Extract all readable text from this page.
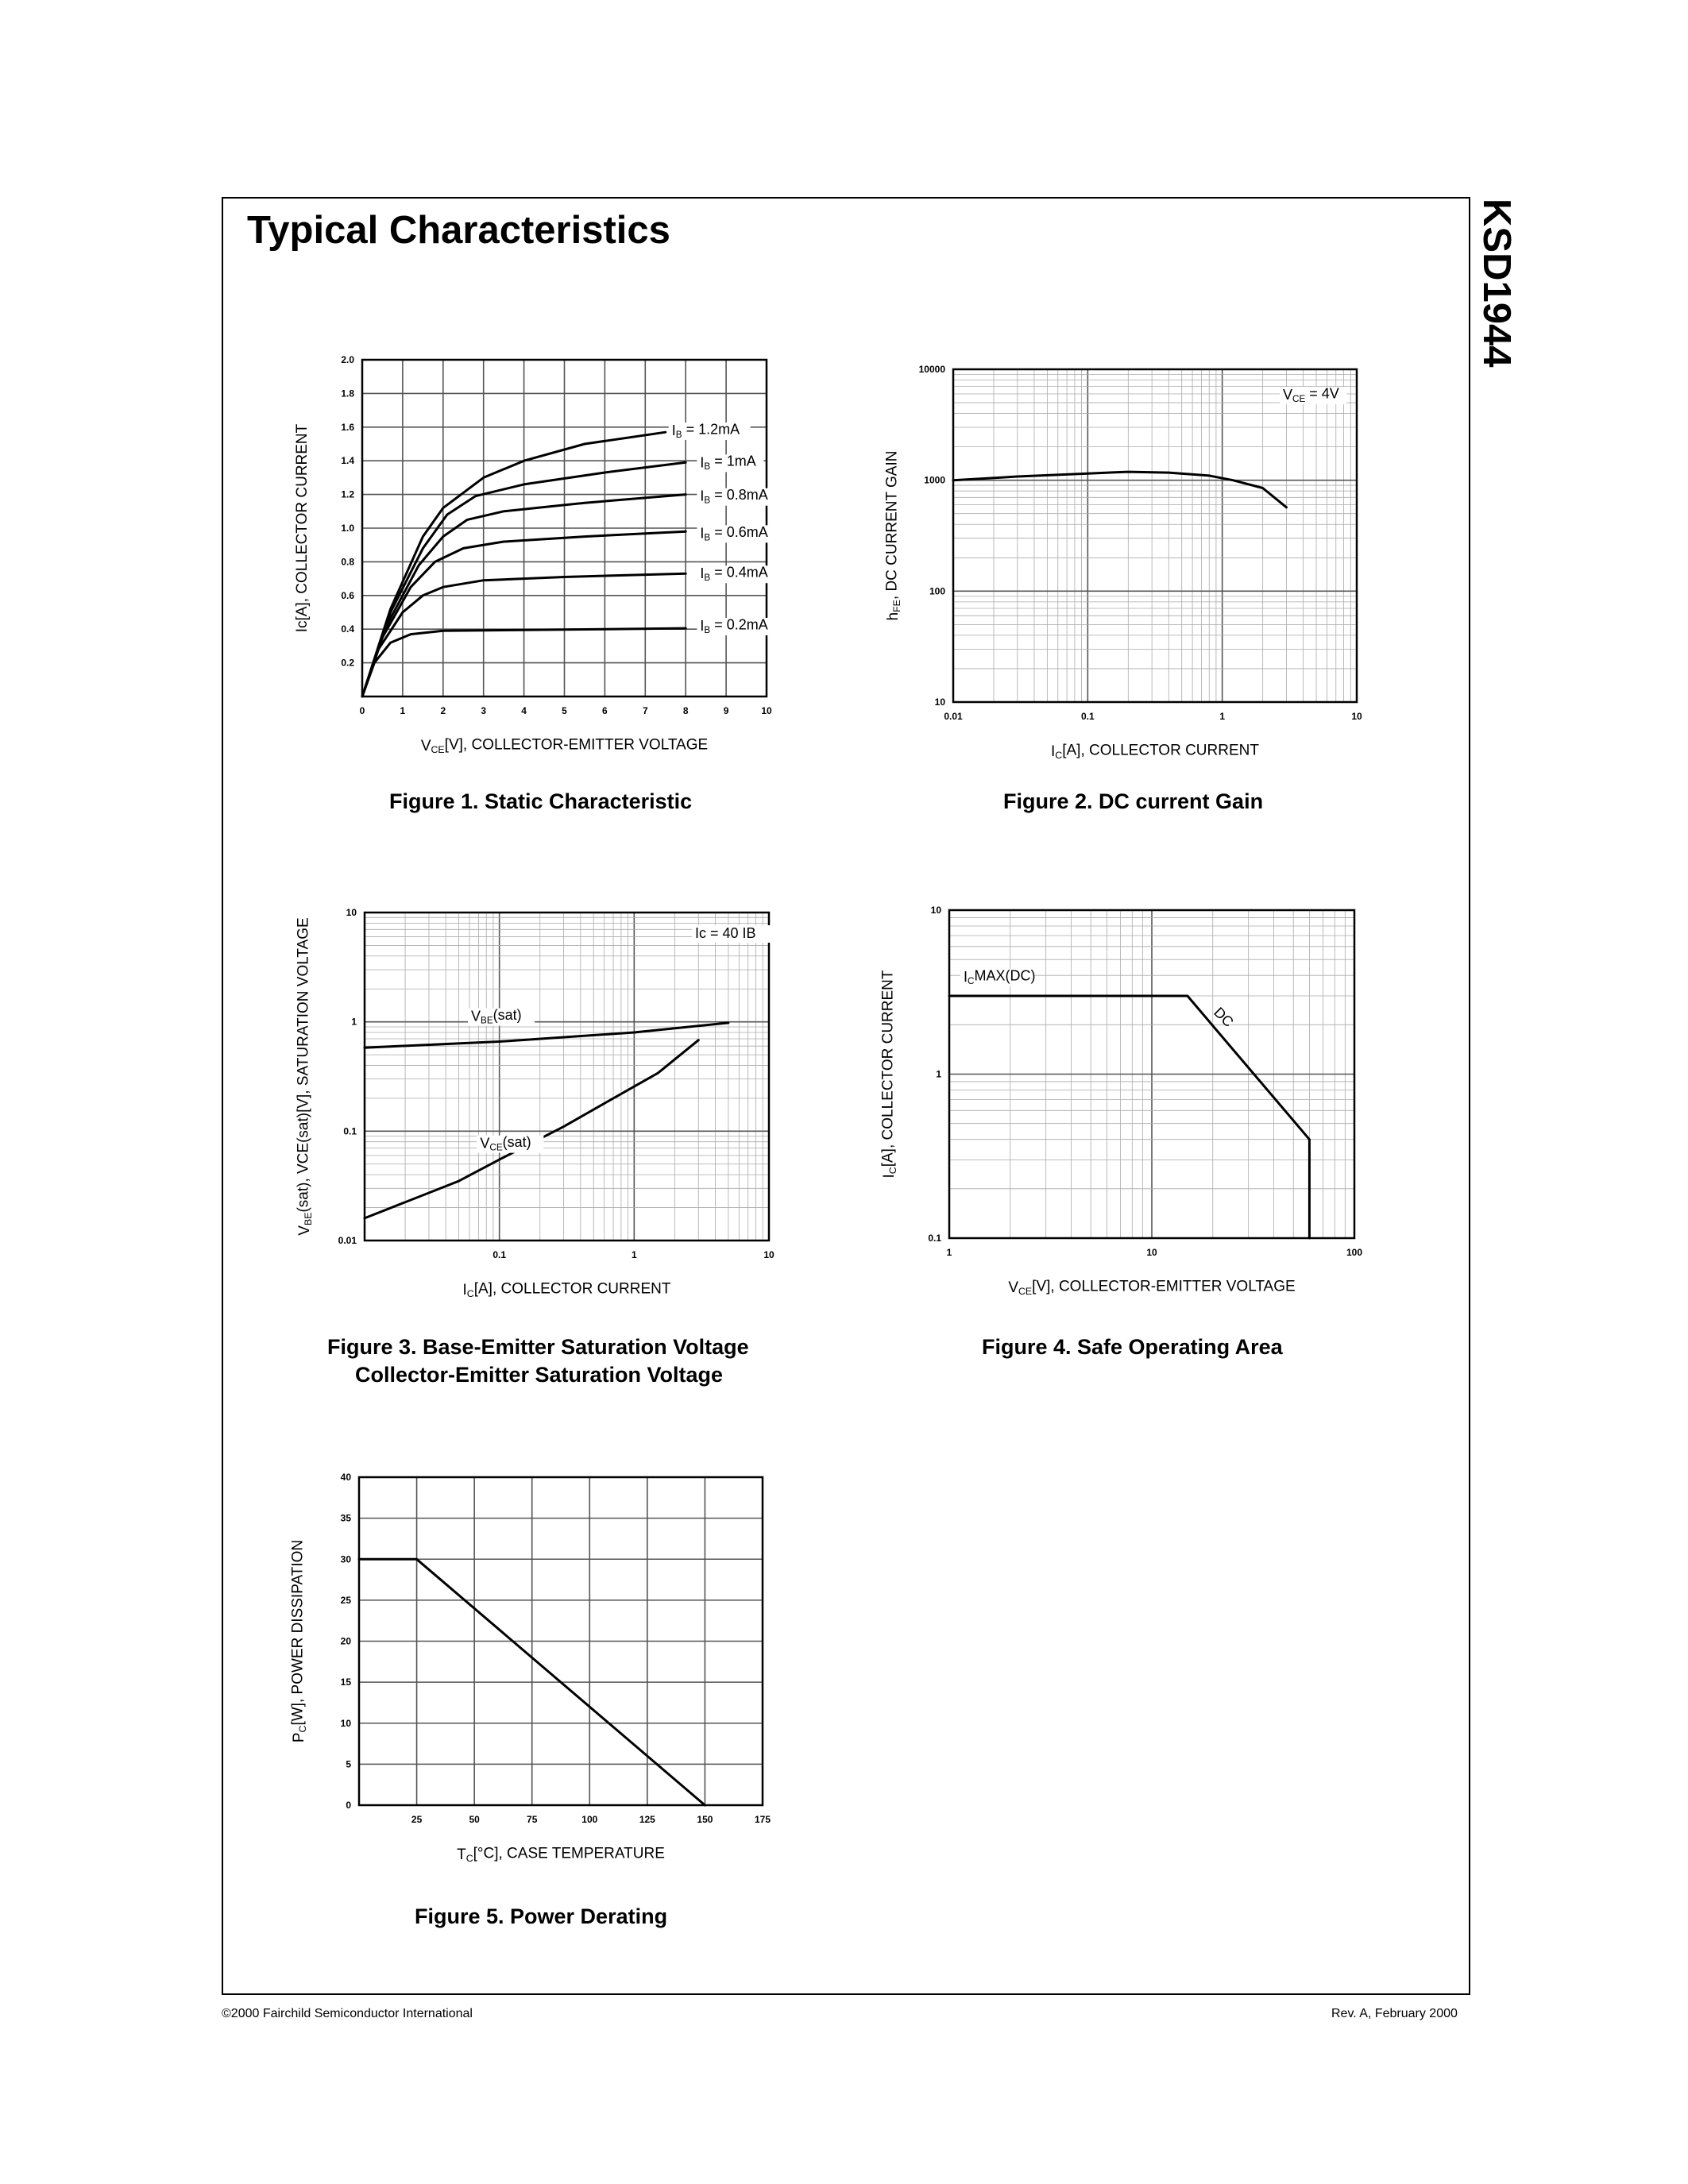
Typical Characteristics	KSD1944
0	1	2	3	4	5	6	7	8	9	10
0.2
0.4
0.6
0.8
1.0
1.2
1.4
1.6
1.8
2.0
VCE[V], COLLECTOR-EMITTER VOLTAGE
Ic[A], COLLECTOR CURRENT	IB = 0.2mA
IB = 0.4mA
IB = 0.6mA
IB = 0.8mA
IB = 1mA
IB = 1.2mA
0.01	0.1	1	10
10
100
1000
10000
IC[A], COLLECTOR CURRENT
hFE, DC CURRENT GAIN
VCE = 4V
0.1	1	10
0.01
0.1
1
10
IC[A], COLLECTOR CURRENT
VBE(sat), VCE(sat)[V], SATURATION VOLTAGE	VBE(sat)
VCE(sat)
Ic = 40 IB
1	10	100
0.1
1
10
VCE[V], COLLECTOR-EMITTER VOLTAGE
IC[A], COLLECTOR CURRENT	ICMAX(DC)
DC
25	50	75	100	125	150	175
0
5
10
15
20
25
30
35
40
TC[°C], CASE TEMPERATURE
PC[W], POWER DISSIPATION
Figure 1. Static Characteristic	Figure 2. DC current Gain
Figure 3. Base-Emitter Saturation Voltage
Collector-Emitter Saturation Voltage
Figure 4. Safe Operating Area
Figure 5. Power Derating
©2000 Fairchild Semiconductor International	Rev. A, February 2000
